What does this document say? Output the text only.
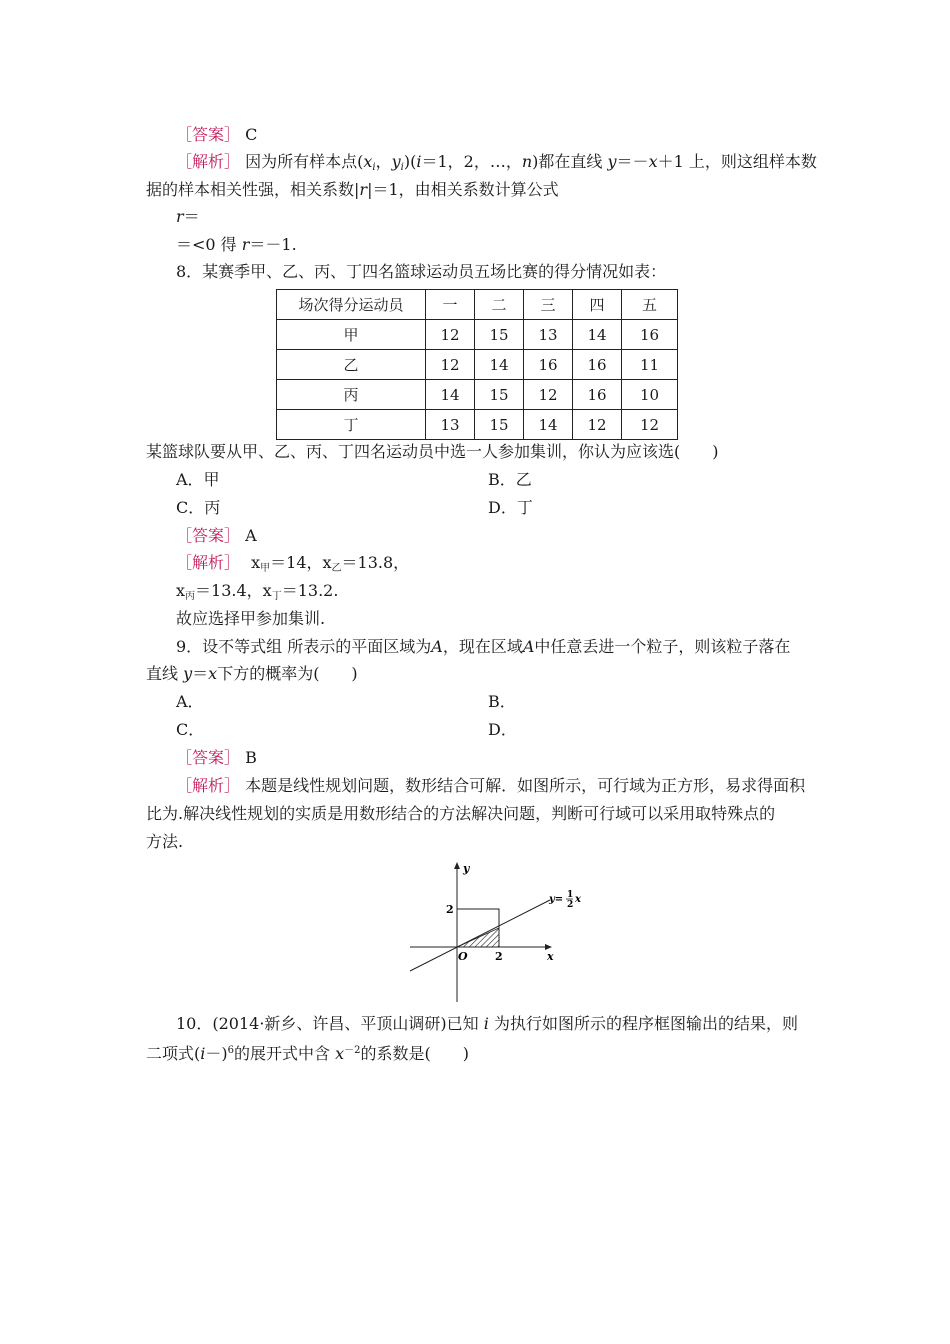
［答案］ C
［解析］ 因为所有样本点($x_i$，$y_i)(i=1$，2，…，n)都在直线 y＝－x＋1 上，则这组样本数
据的样本相关性强，相关系数|r|＝1，由相关系数计算公式
r＝
＝<0 得 r＝－1.
8．某赛季甲、乙、丙、丁四名篮球运动员五场比赛的得分情况如表：
场次得分运动员	一	二	三	四	五
甲	12	15	13	14	16
乙	12	14	16	16	11
丙	14	15	12	16	10
丁	13	15	14	12	12
某篮球队要从甲、乙、丙、丁四名运动员中选一人参加集训，你认为应该选(　　)
A．甲	B．乙
C．丙	D．丁
［答案］ A
［解析］ $x_甲=14$，$x_乙=13.8$，
$x_丙=13.4$，$x_丁=13.2$.
故应选择甲参加集训.
9．设不等式组 所表示的平面区域为A，现在区域A中任意丢进一个粒子，则该粒子落在
直线 y＝x下方的概率为(　　)
A．	B．
C．	D．
［答案］ B
［解析］ 本题是线性规划问题，数形结合可解．如图所示，可行域为正方形，易求得面积
比为.解决线性规划的实质是用数形结合的方法解决问题，判断可行域可以采用取特殊点的
方法.
y
x
O
2
2
y= 1
2 x
10．(2014·新乡、许昌、平顶山调研)已知 i 为执行如图所示的程序框图输出的结果，则
二项式$(i-)^6$的展开式中含 $x^{-2}$的系数是(　　)
